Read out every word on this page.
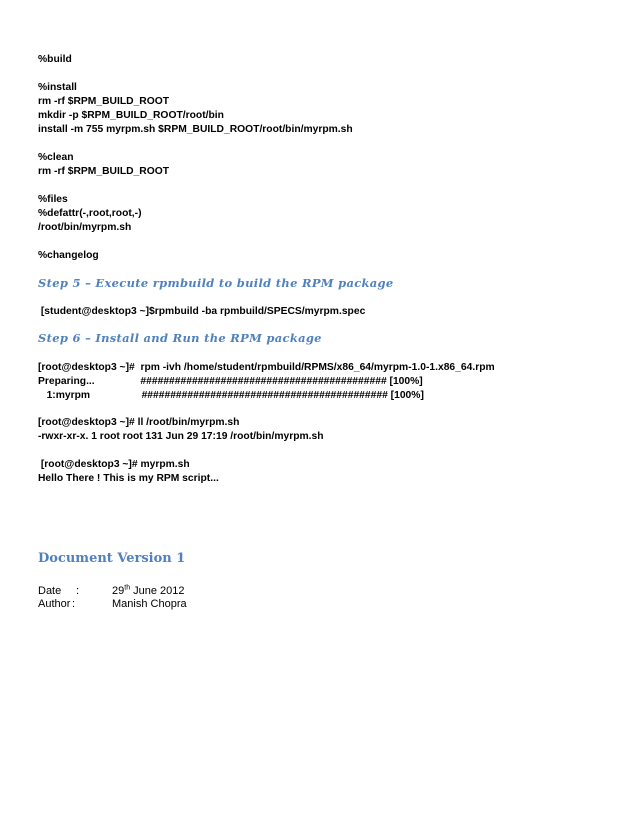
%build
%install
rm -rf $RPM_BUILD_ROOT
mkdir -p $RPM_BUILD_ROOT/root/bin
install -m 755 myrpm.sh $RPM_BUILD_ROOT/root/bin/myrpm.sh
%clean
rm -rf $RPM_BUILD_ROOT
%files
%defattr(-,root,root,-)
/root/bin/myrpm.sh
%changelog
Step 5 – Execute rpmbuild to build the RPM package
[student@desktop3 ~]$rpmbuild -ba rpmbuild/SPECS/myrpm.spec
Step 6 – Install and Run the RPM package
[root@desktop3 ~]#  rpm -ivh /home/student/rpmbuild/RPMS/x86_64/myrpm-1.0-1.x86_64.rpm
Preparing...                ########################################### [100%]
1:myrpm                  ########################################### [100%]
[root@desktop3 ~]# ll /root/bin/myrpm.sh
-rwxr-xr-x. 1 root root 131 Jun 29 17:19 /root/bin/myrpm.sh
[root@desktop3 ~]# myrpm.sh
Hello There ! This is my RPM script...
Document Version 1
Date :	29th June 2012
Author :	Manish Chopra
